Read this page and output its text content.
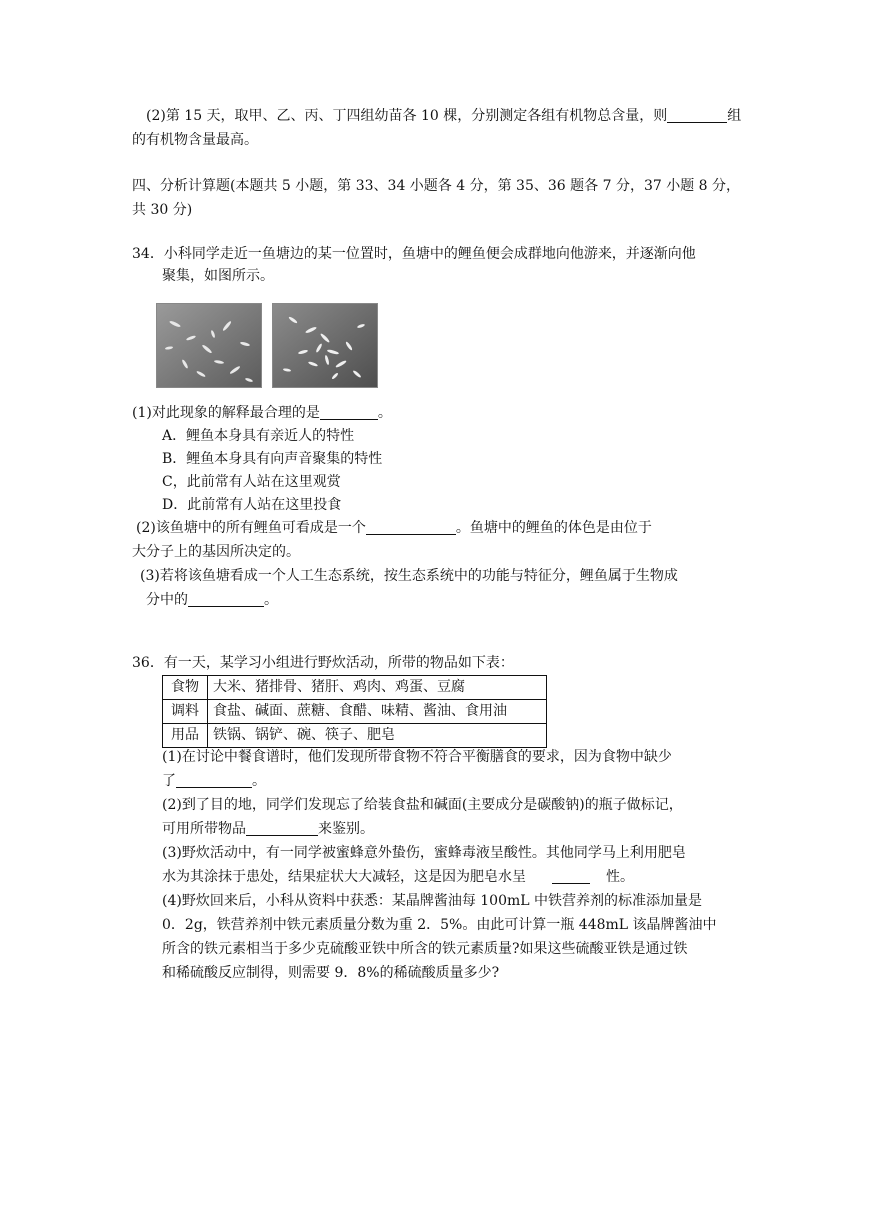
(2)第 15 天，取甲、乙、丙、丁四组幼苗各 10 棵，分别测定各组有机物总含量，则	组
的有机物含量最高。
四、分析计算题(本题共 5 小题，第 33、34 小题各 4 分，第 35、36 题各 7 分，37 小题 8 分，
共 30 分)
34．小科同学走近一鱼塘边的某一位置时，鱼塘中的鲤鱼便会成群地向他游来，并逐渐向他
聚集，如图所示。
(1)对此现象的解释最合理的是	。
A．鲤鱼本身具有亲近人的特性
B．鲤鱼本身具有向声音聚集的特性
C，此前常有人站在这里观赏
D．此前常有人站在这里投食
(2)该鱼塘中的所有鲤鱼可看成是一个	。鱼塘中的鲤鱼的体色是由位于
大分子上的基因所决定的。
(3)若将该鱼塘看成一个人工生态系统，按生态系统中的功能与特征分，鲤鱼属于生物成
分中的	。
36．有一天，某学习小组进行野炊活动，所带的物品如下表：
食物	大米、猪排骨、猪肝、鸡肉、鸡蛋、豆腐
调料	食盐、碱面、蔗糖、食醋、味精、酱油、食用油
用品	铁锅、锅铲、碗、筷子、肥皂
(1)在讨论中餐食谱时，他们发现所带食物不符合平衡膳食的要求，因为食物中缺少
了	。
(2)到了目的地，同学们发现忘了给装食盐和碱面(主要成分是碳酸钠)的瓶子做标记，
可用所带物品	来鉴别。
(3)野炊活动中，有一同学被蜜蜂意外蛰伤，蜜蜂毒液呈酸性。其他同学马上利用肥皂
水为其涂抹于患处，结果症状大大减轻，这是因为肥皂水呈	性。
(4)野炊回来后，小科从资料中获悉：某晶牌酱油每 100mL 中铁营养剂的标准添加量是
0．2g，铁营养剂中铁元素质量分数为重 2．5%。由此可计算一瓶 448mL 该晶牌酱油中
所含的铁元素相当于多少克硫酸亚铁中所含的铁元素质量?如果这些硫酸亚铁是通过铁
和稀硫酸反应制得，则需要 9．8%的稀硫酸质量多少?
